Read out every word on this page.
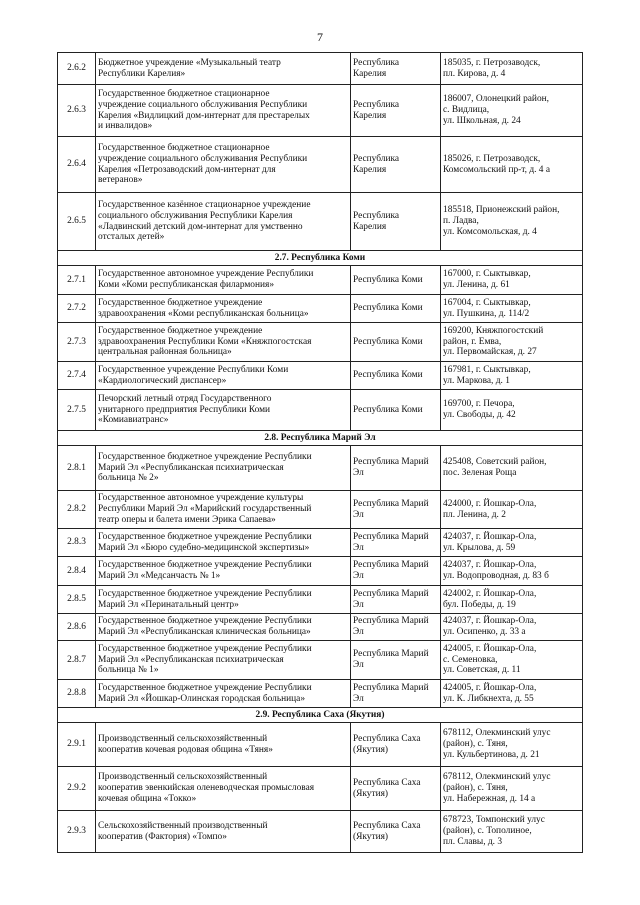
7
2.6.2	Бюджетное учреждение «Музыкальный театр
Республики Карелия»	Республика
Карелия	185035, г. Петрозаводск,
пл. Кирова, д. 4

2.6.3	Государственное бюджетное стационарное
учреждение социального обслуживания Республики
Карелия «Видлицкий дом-интернат для престарелых
и инвалидов»	Республика
Карелия	186007, Олонецкий район,
с. Видлица,
ул. Школьная, д. 24

2.6.4	Государственное бюджетное стационарное
учреждение социального обслуживания Республики
Карелия «Петрозаводский дом-интернат для
ветеранов»	Республика
Карелия	185026, г. Петрозаводск,
Комсомольский пр-т, д. 4 а

2.6.5	Государственное казённое стационарное учреждение
социального обслуживания Республики Карелия
«Ладвинский детский дом-интернат для умственно
отсталых детей»	Республика
Карелия	185518, Прионежский район,
п. Ладва,
ул. Комсомольская, д. 4

2.7. Республика Коми			
2.7.1	Государственное автономное учреждение Республики
Коми «Коми республиканская филармония»	Республика Коми	167000, г. Сыктывкар,
ул. Ленина, д. 61

2.7.2	Государственное бюджетное учреждение
здравоохранения «Коми республиканская больница»	Республика Коми	167004, г. Сыктывкар,
ул. Пушкина, д. 114/2

2.7.3	Государственное бюджетное учреждение
здравоохранения Республики Коми «Княжпогостская
центральная районная больница»	Республика Коми	169200, Княжпогостский
район, г. Емва,
ул. Первомайская, д. 27

2.7.4	Государственное учреждение Республики Коми
«Кардиологический диспансер»	Республика Коми	167981, г. Сыктывкар,
ул. Маркова, д. 1

2.7.5	Печорский летный отряд Государственного
унитарного предприятия Республики Коми
«Комиавиатранс»	Республика Коми	169700, г. Печора,
ул. Свободы, д. 42

2.8. Республика Марий Эл			
2.8.1	Государственное бюджетное учреждение Республики
Марий Эл «Республиканская психиатрическая
больница № 2»	Республика Марий
Эл	425408, Советский район,
пос. Зеленая Роща

2.8.2	Государственное автономное учреждение культуры
Республики Марий Эл «Марийский государственный
театр оперы и балета имени Эрика Сапаева»	Республика Марий
Эл	424000, г. Йошкар-Ола,
пл. Ленина, д. 2

2.8.3	Государственное бюджетное учреждение Республики
Марий Эл «Бюро судебно-медицинской экспертизы»	Республика Марий
Эл	424037, г. Йошкар-Ола,
ул. Крылова, д. 59

2.8.4	Государственное бюджетное учреждение Республики
Марий Эл «Медсанчасть № 1»	Республика Марий
Эл	424037, г. Йошкар-Ола,
ул. Водопроводная, д. 83 б

2.8.5	Государственное бюджетное учреждение Республики
Марий Эл «Перинатальный центр»	Республика Марий
Эл	424002, г. Йошкар-Ола,
бул. Победы, д. 19

2.8.6	Государственное бюджетное учреждение Республики
Марий Эл «Республиканская клиническая больница»	Республика Марий
Эл	424037, г. Йошкар-Ола,
ул. Осипенко, д. 33 а

2.8.7	Государственное бюджетное учреждение Республики
Марий Эл «Республиканская психиатрическая
больница № 1»	Республика Марий
Эл	424005, г. Йошкар-Ола,
с. Семеновка,
ул. Советская, д. 11

2.8.8	Государственное бюджетное учреждение Республики
Марий Эл «Йошкар-Олинская городская больница»	Республика Марий
Эл	424005, г. Йошкар-Ола,
ул. К. Либкнехта, д. 55

2.9. Республика Саха (Якутия)			
2.9.1	Производственный сельскохозяйственный
кооператив кочевая родовая община «Тяня»	Республика Саха
(Якутия)	678112, Олекминский улус
(район), с. Тяня,
ул. Кульбертинова, д. 21

2.9.2	Производственный сельскохозяйственный
кооператив эвенкийская оленеводческая промысловая
кочевая община «Токко»	Республика Саха
(Якутия)	678112, Олекминский улус
(район), с. Тяня,
ул. Набережная, д. 14 а

2.9.3	Сельскохозяйственный производственный
кооператив (Фактория) «Томпо»	Республика Саха
(Якутия)	678723, Томпонский улус
(район), с. Тополиное,
пл. Славы, д. 3
